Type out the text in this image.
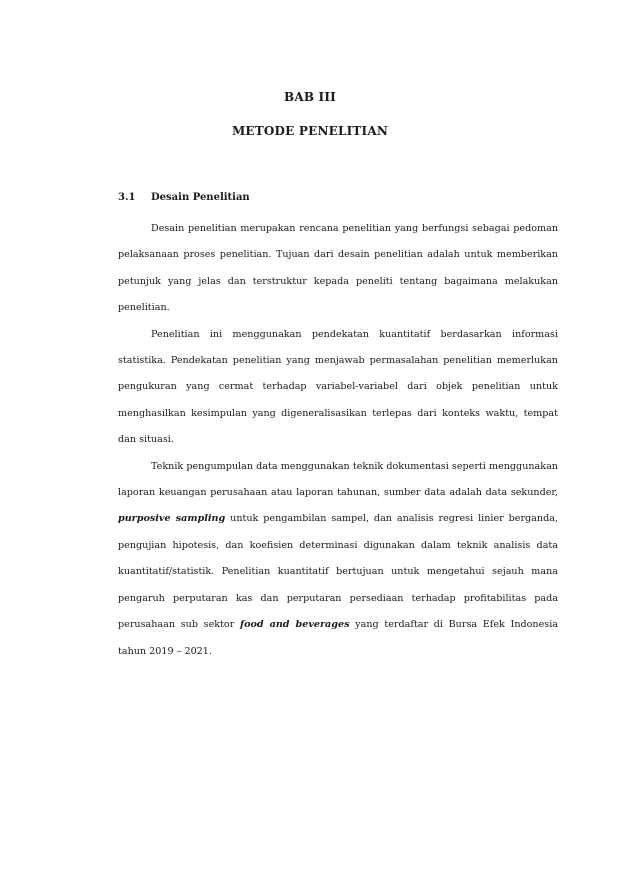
BAB III
METODE PENELITIAN
3.1 Desain Penelitian

Desain penelitian merupakan rencana penelitian yang berfungsi sebagai pedoman pelaksanaan proses penelitian. Tujuan dari desain penelitian adalah untuk memberikan petunjuk yang jelas dan terstruktur kepada peneliti tentang bagaimana melakukan penelitian.

Penelitian ini menggunakan pendekatan kuantitatif berdasarkan informasi statistika. Pendekatan penelitian yang menjawab permasalahan penelitian memerlukan pengukuran yang cermat terhadap variabel-variabel dari objek penelitian untuk menghasilkan kesimpulan yang digeneralisasikan terlepas dari konteks waktu, tempat dan situasi.

Teknik pengumpulan data menggunakan teknik dokumentasi seperti menggunakan laporan keuangan perusahaan atau laporan tahunan, sumber data adalah data sekunder, purposive sampling untuk pengambilan sampel, dan analisis regresi linier berganda, pengujian hipotesis, dan koefisien determinasi digunakan dalam teknik analisis data kuantitatif/statistik. Penelitian kuantitatif bertujuan untuk mengetahui sejauh mana pengaruh perputaran kas dan perputaran persediaan terhadap profitabilitas pada perusahaan sub sektor food and beverages yang terdaftar di Bursa Efek Indonesia tahun 2019 – 2021.
